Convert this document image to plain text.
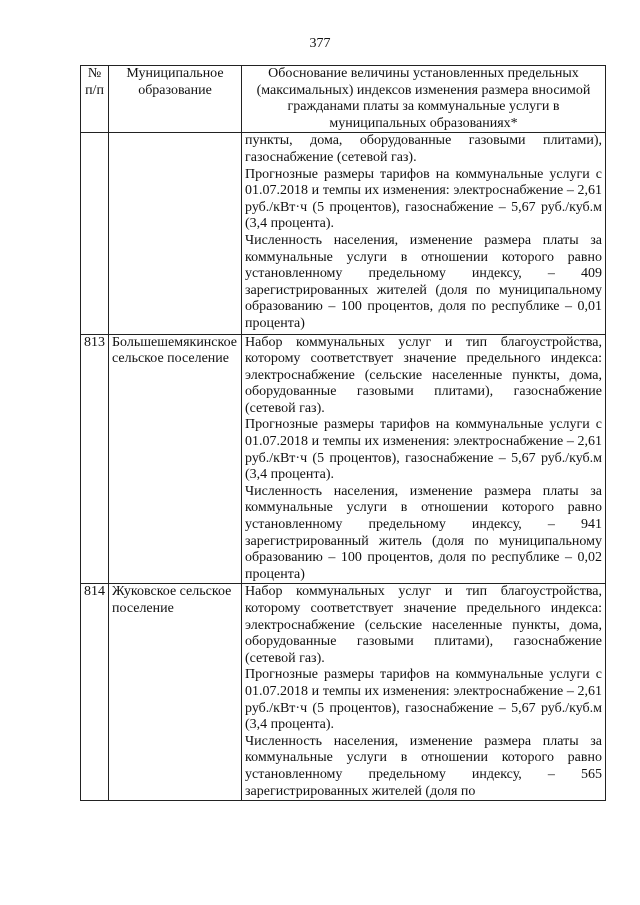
377
№ п/п	Муниципальное образование	Обоснование величины установленных предельных (максимальных) индексов изменения размера вносимой гражданами платы за коммунальные услуги в муниципальных образованиях*

		пункты, дома, оборудованные газовыми плитами), газоснабжение (сетевой газ).

Прогнозные размеры тарифов на коммунальные услуги с 01.07.2018 и темпы их изменения: электроснабжение – 2,61 руб./кВт·ч (5 процентов), газоснабжение – 5,67 руб./куб.м (3,4 процента).

Численность населения, изменение размера платы за коммунальные услуги в отношении которого равно установленному предельному индексу, – 409 зарегистрированных жителей (доля по муниципальному образованию – 100 процентов, доля по республике – 0,01 процента)

813	Большешемякинское сельское поселение	Набор коммунальных услуг и тип благоустройства, которому соответствует значение предельного индекса: электроснабжение (сельские населенные пункты, дома, оборудованные газовыми плитами), газоснабжение (сетевой газ).

Прогнозные размеры тарифов на коммунальные услуги с 01.07.2018 и темпы их изменения: электроснабжение – 2,61 руб./кВт·ч (5 процентов), газоснабжение – 5,67 руб./куб.м (3,4 процента).

Численность населения, изменение размера платы за коммунальные услуги в отношении которого равно установленному предельному индексу, – 941 зарегистрированный житель (доля по муниципальному образованию – 100 процентов, доля по республике – 0,02 процента)

814	Жуковское сельское поселение	Набор коммунальных услуг и тип благоустройства, которому соответствует значение предельного индекса: электроснабжение (сельские населенные пункты, дома, оборудованные газовыми плитами), газоснабжение (сетевой газ).

Прогнозные размеры тарифов на коммунальные услуги с 01.07.2018 и темпы их изменения: электроснабжение – 2,61 руб./кВт·ч (5 процентов), газоснабжение – 5,67 руб./куб.м (3,4 процента).

Численность населения, изменение размера платы за коммунальные услуги в отношении которого равно установленному предельному индексу, – 565 зарегистрированных жителей (доля по
